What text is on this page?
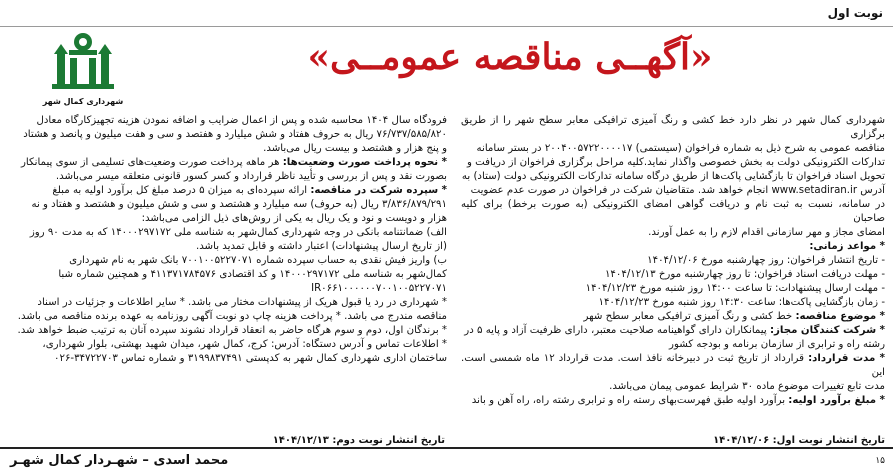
نوبت اول
«آگهــی مناقصه عمومــی»
شهرداری کمال شهر
شهرداری کمال شهر در نظر دارد خط کشی و رنگ آمیزی ترافیکی معابر سطح شهر را از طریق برگزاری
مناقصه عمومی به شرح ذیل به شماره فراخوان (سیستمی) ۲۰۰۴۰۰۵۷۲۲۰۰۰۰۱۷ در بستر سامانه
تدارکات الکترونیکی دولت به بخش خصوصی واگذار نماید.کلیه مراحل برگزاری فراخوان از دریافت و
تحویل اسناد فراخوان تا بازگشایی پاکت‌ها از طریق درگاه سامانه تدارکات الکترونیکی دولت (ستاد) به
آدرس www.setadiran.ir انجام خواهد شد. متقاضیان شرکت در فراخوان در صورت عدم عضویت
در سامانه، نسبت به ثبت نام و دریافت گواهی امضای الکترونیکی (به صورت برخط) برای کلیه صاحبان
امضای مجاز و مهر سازمانی اقدام لازم را به عمل آورند.
* مواعد زمانی:
- تاریخ انتشار فراخوان: روز چهارشنبه مورخ ۱۴۰۴/۱۲/۰۶
- مهلت دریافت اسناد فراخوان: تا روز چهارشنبه مورخ ۱۴۰۴/۱۲/۱۳
- مهلت ارسال پیشنهادات: تا ساعت ۱۴:۰۰ روز شنبه مورخ ۱۴۰۴/۱۲/۲۳
- زمان بازگشایی پاکت‌ها: ساعت ۱۴:۳۰ روز شنبه مورخ ۱۴۰۴/۱۲/۲۳
* موضوع مناقصه: خط کشی و رنگ آمیزی ترافیکی معابر سطح شهر
* شرکت کنندگان مجاز: پیمانکاران دارای گواهینامه صلاحیت معتبر، دارای ظرفیت آزاد و پایه ۵ در
رشته راه و ترابری از سازمان برنامه و بودجه کشور
* مدت قرارداد: قرارداد از تاریخ ثبت در دبیرخانه نافذ است. مدت قرارداد ۱۲ ماه شمسی است. این
مدت تابع تغییرات موضوع ماده ۳۰ شرایط عمومی پیمان می‌باشد.
* مبلغ برآورد اولیه: برآورد اولیه طبق فهرست‌بهای رسته راه و ترابری رشته راه، راه آهن و باند
فرودگاه سال ۱۴۰۴ محاسبه شده و پس از اعمال ضرایب و اضافه نمودن هزینه تجهیزکارگاه معادل
۷۶/۷۳۷/۵۸۵/۸۲۰ ریال به حروف هفتاد و شش میلیارد و هفتصد و سی و هفت میلیون و پانصد و هشتاد
و پنج هزار و هشتصد و بیست ریال می‌باشد.
* نحوه پرداخت صورت وضعیت‌ها: هر ماهه پرداخت صورت وضعیت‌های تسلیمی از سوی پیمانکار
بصورت نقد و پس از بررسی و تأیید ناظر قرارداد و کسر کسور قانونی متعلقه میسر می‌باشد.
* سپرده شرکت در مناقصه: ارائه سپرده‌ای به میزان ۵ درصد مبلغ کل برآورد اولیه به مبلغ
۳/۸۳۶/۸۷۹/۲۹۱ ریال (به حروف) سه میلیارد و هشتصد و سی و شش میلیون و هشتصد و هفتاد و نه
هزار و دویست و نود و یک ریال به یکی از روش‌های ذیل الزامی می‌باشد:
الف) ضمانتنامه بانکی در وجه شهرداری کمال‌شهر به شناسه ملی ۱۴۰۰۰۲۹۷۱۷۲ که به مدت ۹۰ روز
(از تاریخ ارسال پیشنهادات) اعتبار داشته و قابل تمدید باشد.
ب) واریز فیش نقدی به حساب سپرده شماره ۷۰۰۱۰۰۵۲۲۷۰۷۱ بانک شهر به نام شهرداری
کمال‌شهر به شناسه ملی ۱۴۰۰۰۲۹۷۱۷۲ و کد اقتصادی ۴۱۱۳۷۱۷۸۴۵۷۶ و همچنین شماره شبا
IR۰۶۶۱۰۰۰۰۰۰۷۰۰۱۰۰۵۲۲۷۰۷۱
* شهرداری در رد یا قبول هریک از پیشنهادات مختار می باشد. * سایر اطلاعات و جزئیات در اسناد
مناقصه مندرج می باشد. * پرداخت هزینه چاپ دو نوبت آگهی روزنامه به عهده برنده مناقصه می باشد.
* برندگان اول، دوم و سوم هرگاه حاضر به انعقاد قرارداد نشوند سپرده آنان به ترتیب ضبط خواهد شد.
* اطلاعات تماس و آدرس دستگاه: آدرس: کرج، کمال شهر، میدان شهید بهشتی، بلوار شهرداری،
ساختمان اداری شهرداری کمال شهر به کدپستی ۳۱۹۹۸۳۷۴۹۱ و شماره تماس ۳۴۷۲۲۷۰۳-۰۲۶
تاریخ انتشار نوبت اول: ۱۴۰۴/۱۲/۰۶
تاریخ انتشار نوبت دوم: ۱۴۰۴/۱۲/۱۳
۱۵
محمد اسدی – شهـردار کمال شهـر
